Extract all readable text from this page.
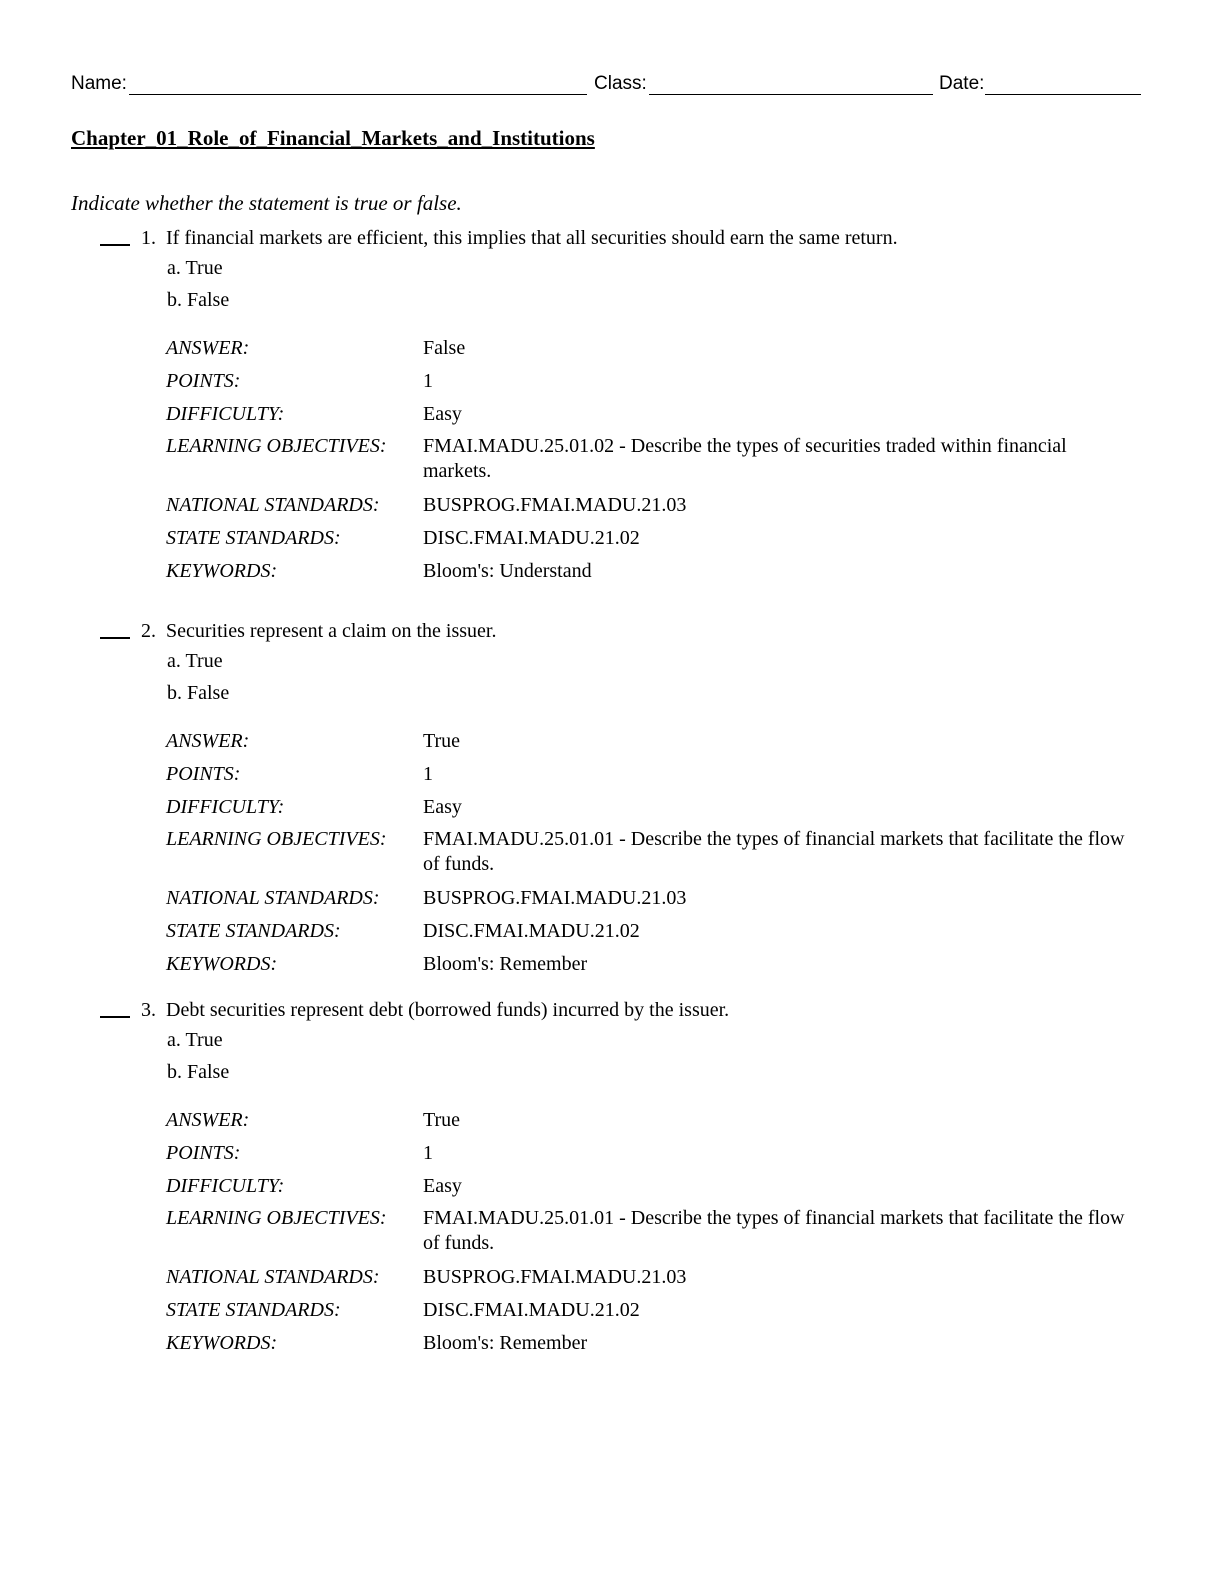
Name:	Class:	Date:
Chapter_01_Role_of_Financial_Markets_and_Institutions
Indicate whether the statement is true or false.
1. If financial markets are efficient, this implies that all securities should earn the same return.
a. True
b. False
ANSWER:	False
POINTS:	1
DIFFICULTY:	Easy
LEARNING OBJECTIVES: FMAI.MADU.25.01.02 - Describe the types of securities traded within financial markets.
NATIONAL STANDARDS: BUSPROG.FMAI.MADU.21.03
STATE STANDARDS:	DISC.FMAI.MADU.21.02
KEYWORDS:	Bloom's: Understand
2. Securities represent a claim on the issuer.
a. True
b. False
ANSWER:	True
POINTS:	1
DIFFICULTY:	Easy
LEARNING OBJECTIVES: FMAI.MADU.25.01.01 - Describe the types of financial markets that facilitate the flow of funds.
NATIONAL STANDARDS: BUSPROG.FMAI.MADU.21.03
STATE STANDARDS:	DISC.FMAI.MADU.21.02
KEYWORDS:	Bloom's: Remember
3. Debt securities represent debt (borrowed funds) incurred by the issuer.
a. True
b. False
ANSWER:	True
POINTS:	1
DIFFICULTY:	Easy
LEARNING OBJECTIVES: FMAI.MADU.25.01.01 - Describe the types of financial markets that facilitate the flow of funds.
NATIONAL STANDARDS: BUSPROG.FMAI.MADU.21.03
STATE STANDARDS:	DISC.FMAI.MADU.21.02
KEYWORDS:	Bloom's: Remember
